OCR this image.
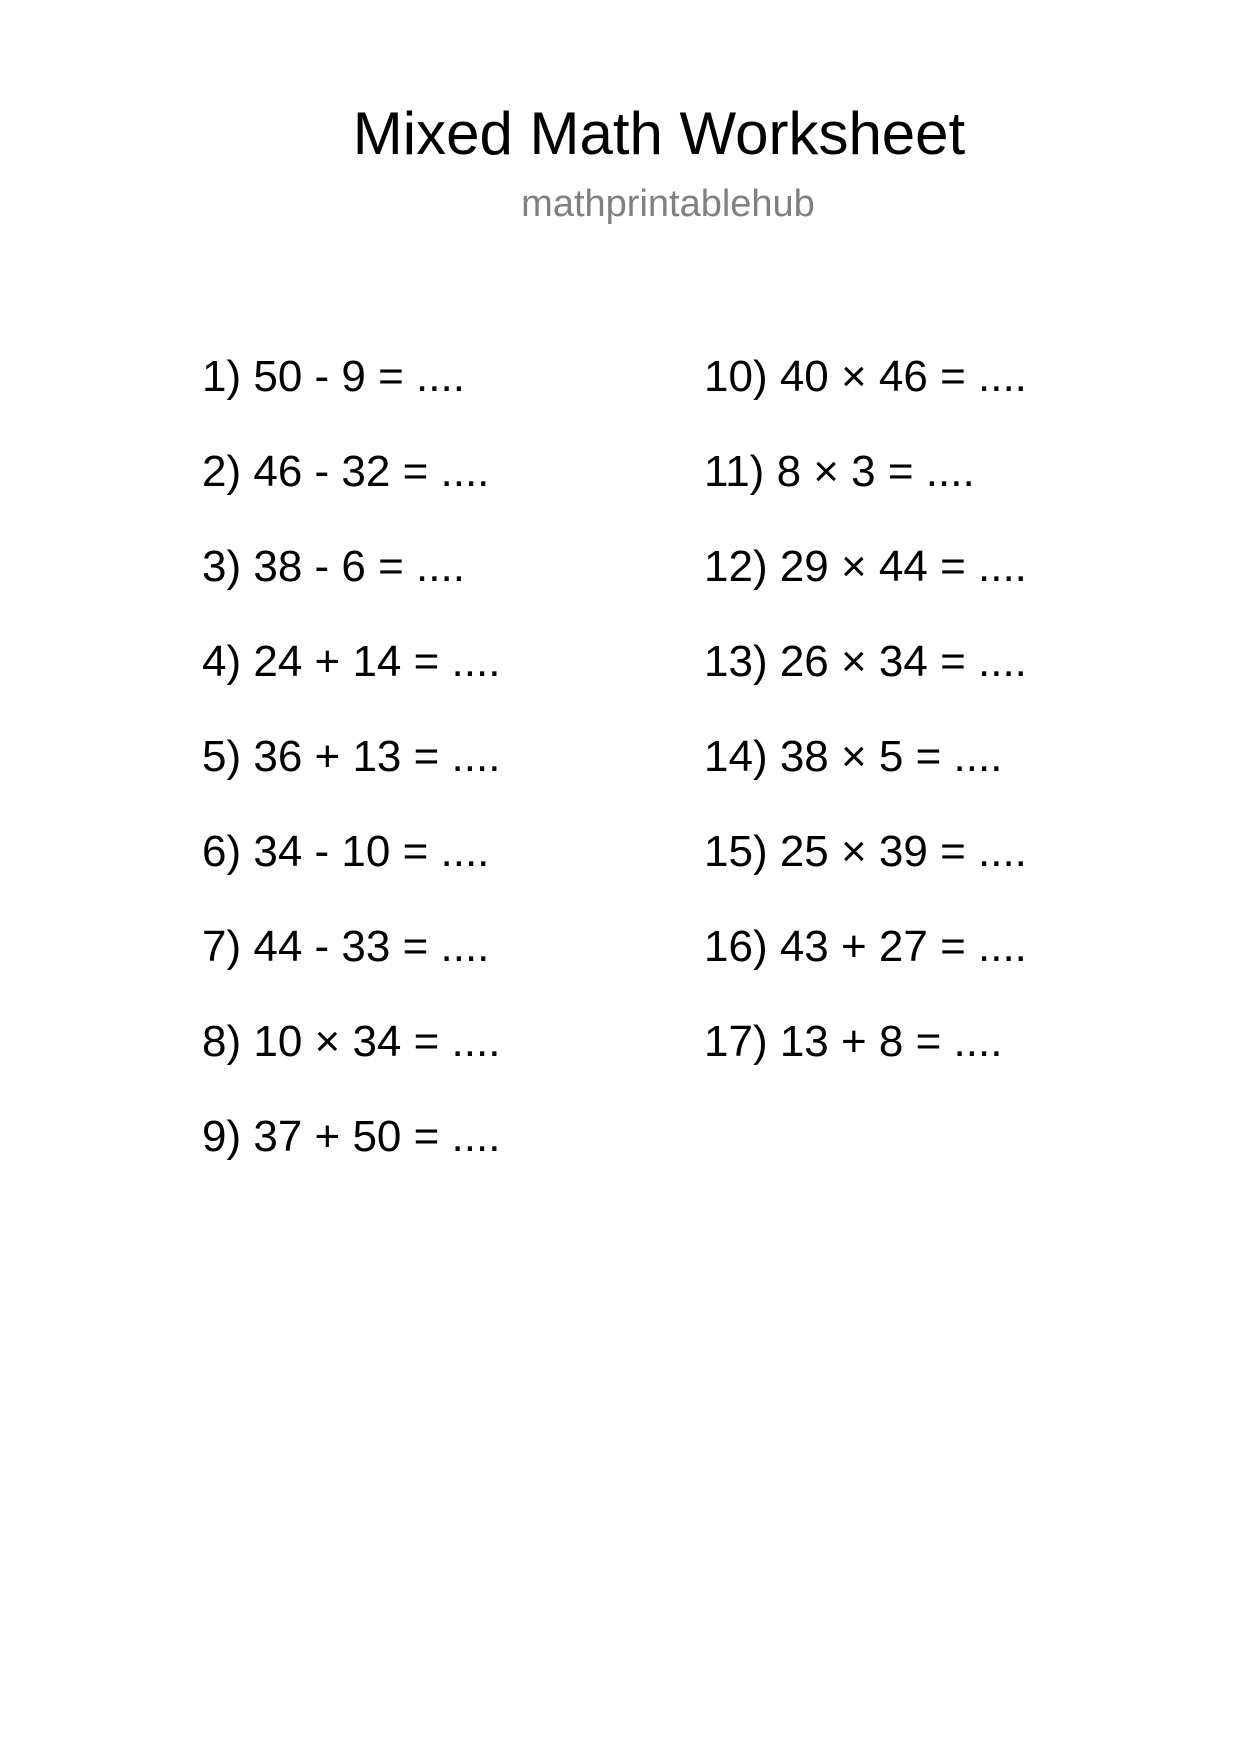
Mixed Math Worksheet
mathprintablehub
1) 50 - 9 = ....
2) 46 - 32 = ....
3) 38 - 6 = ....
4) 24 + 14 = ....
5) 36 + 13 = ....
6) 34 - 10 = ....
7) 44 - 33 = ....
8) 10 × 34 = ....
9) 37 + 50 = ....
10) 40 × 46 = ....
11) 8 × 3 = ....
12) 29 × 44 = ....
13) 26 × 34 = ....
14) 38 × 5 = ....
15) 25 × 39 = ....
16) 43 + 27 = ....
17) 13 + 8 = ....
